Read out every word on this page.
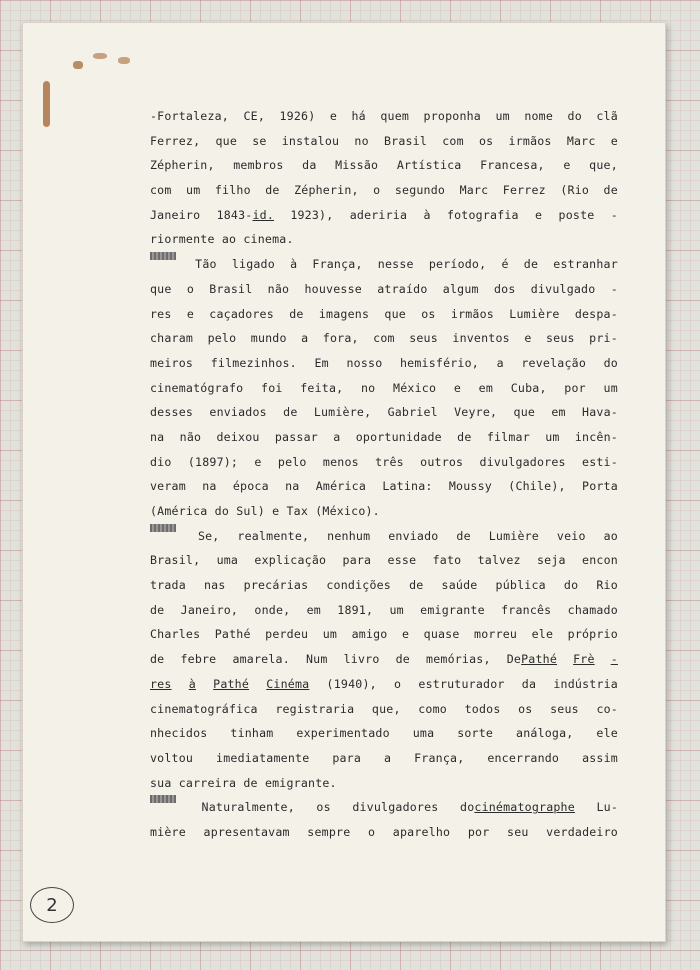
-Fortaleza, CE, 1926) e há quem proponha um nome do clã
Ferrez, que se instalou no Brasil com os irmãos Marc e
Zépherin, membros da Missão Artística Francesa, e que,
com um filho de Zépherin, o segundo Marc Ferrez (Rio de
Janeiro 1843-id. 1923), aderiria à fotografia e poste -
riormente
ao
cinema.

Tão ligado à França, nesse período, é de estranhar
que o Brasil não houvesse atraído algum dos divulgado -
res e caçadores de imagens que os irmãos Lumière despa-
charam pelo mundo a fora, com seus inventos e seus pri-
meiros filmezinhos. Em nosso hemisfério, a revelação do
cinematógrafo foi feita, no México e em Cuba, por um
desses enviados de Lumière, Gabriel Veyre, que em Hava-
na não deixou passar a oportunidade de filmar um incên-
dio (1897); e pelo menos três outros divulgadores esti-
veram na época na América Latina: Moussy (Chile), Porta
(América
do
Sul)
e
Tax
(México).

Se, realmente, nenhum enviado de Lumière veio ao
Brasil, uma explicação para esse fato talvez seja encon
trada nas precárias condições de saúde pública do Rio
de Janeiro, onde, em 1891, um emigrante francês chamado
Charles Pathé perdeu um amigo e quase morreu ele próprio
de febre amarela. Num livro de memórias, DePathé Frè -
res à Pathé Cinéma (1940), o estruturador da indústria
cinematográfica registraria que, como todos os seus co-
nhecidos tinham experimentado uma sorte análoga, ele
voltou imediatamente para a França, encerrando assim
sua
carreira
de
emigrante.

Naturalmente, os divulgadores docinématographe Lu-
mière apresentavam sempre o aparelho por seu verdadeiro
2
